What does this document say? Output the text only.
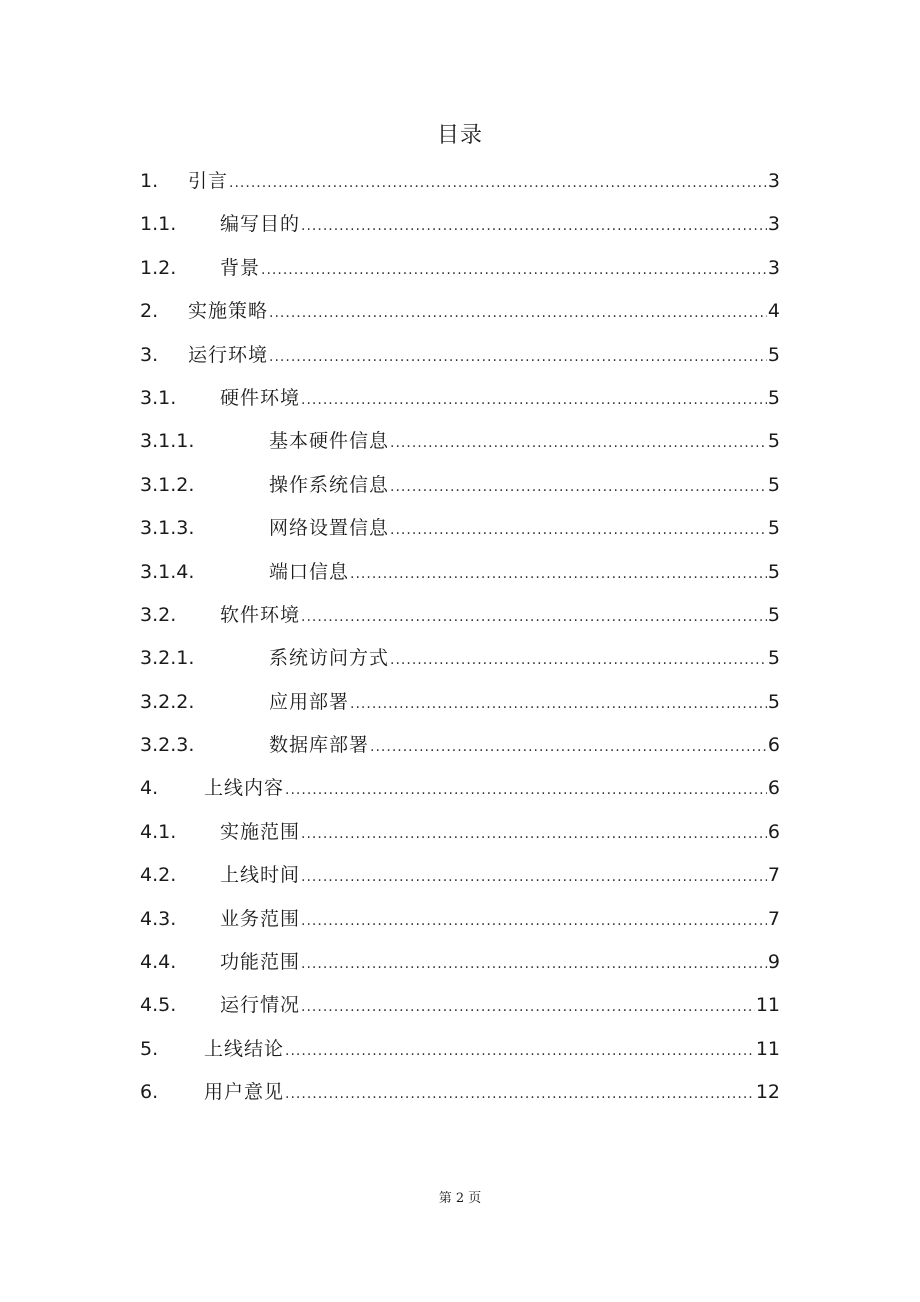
目录
1.	引言 .....	3
1.1.	编写目的 .....	3
1.2.	背景 .....	3
2.	实施策略 .....	4
3.	运行环境 .....	5
3.1.	硬件环境 .....	5
3.1.1.	基本硬件信息 .....	5
3.1.2.	操作系统信息 .....	5
3.1.3.	网络设置信息 .....	5
3.1.4.	端口信息 .....	5
3.2.	软件环境 .....	5
3.2.1.	系统访问方式 .....	5
3.2.2.	应用部署 .....	5
3.2.3.	数据库部署 .....	6
4.	上线内容 .....	6
4.1.	实施范围 .....	6
4.2.	上线时间 .....	7
4.3.	业务范围 .....	7
4.4.	功能范围 .....	9
4.5.	运行情况 .....	11
5.	上线结论 .....	11
6.	用户意见 .....	12
第 2 页
